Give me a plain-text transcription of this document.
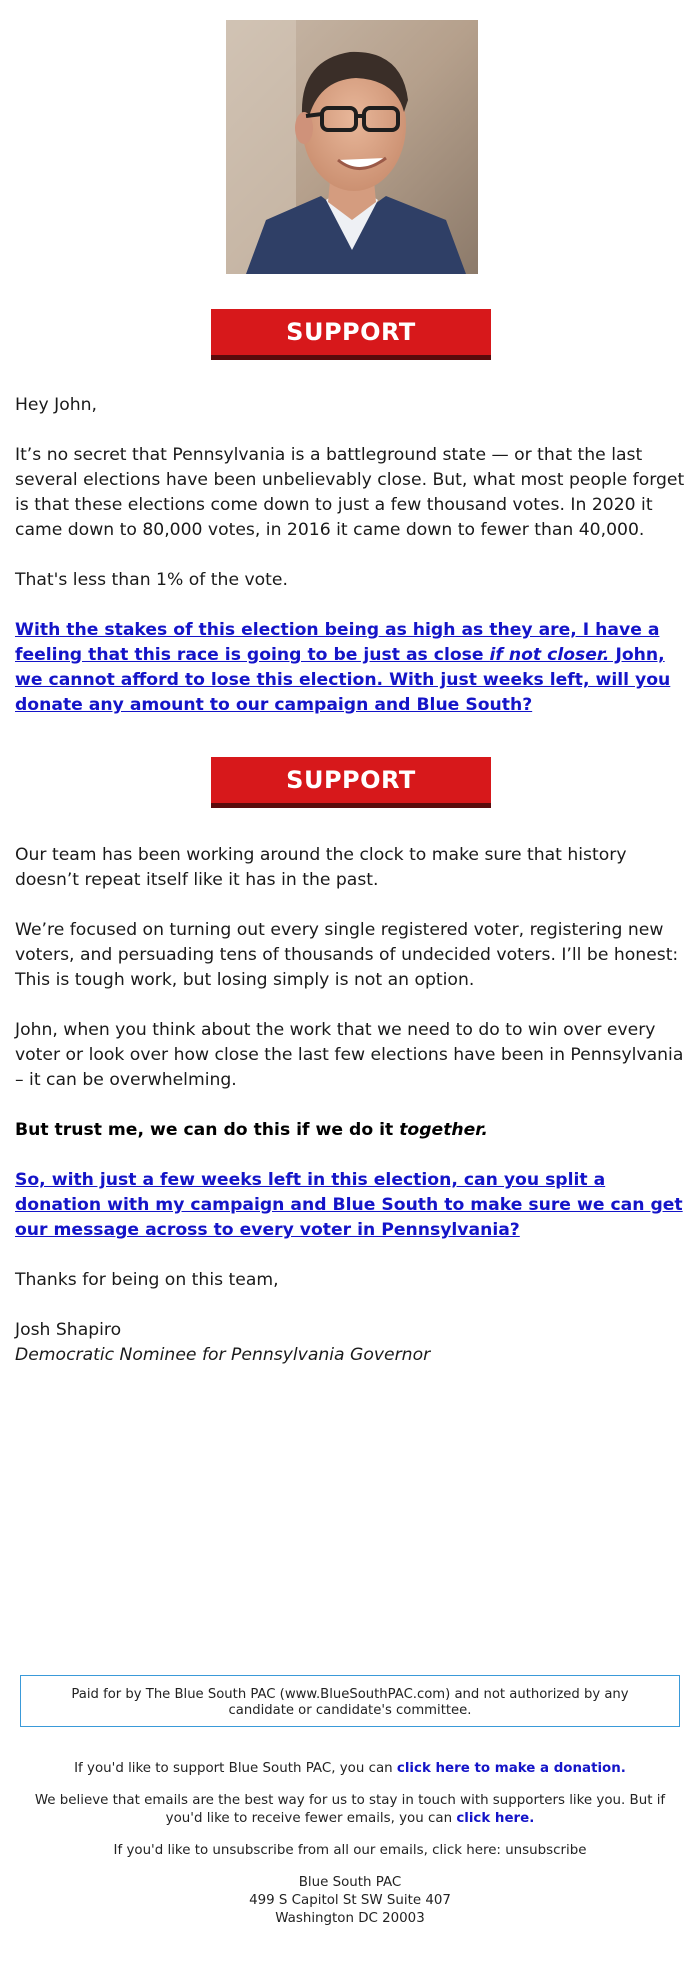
SUPPORT

Hey John,

It’s no secret that Pennsylvania is a battleground state — or that the last several elections have been unbelievably close. But, what most people forget is that these elections come down to just a few thousand votes. In 2020 it came down to 80,000 votes, in 2016 it came down to fewer than 40,000.

That's less than 1% of the vote.

With the stakes of this election being as high as they are, I have a feeling that this race is going to be just as close if not closer. John, we cannot afford to lose this election. With just weeks left, will you donate any amount to our campaign and Blue South?

SUPPORT

Our team has been working around the clock to make sure that history doesn’t repeat itself like it has in the past.

We’re focused on turning out every single registered voter, registering new voters, and persuading tens of thousands of undecided voters. I’ll be honest: This is tough work, but losing simply is not an option.

John, when you think about the work that we need to do to win over every voter or look over how close the last few elections have been in Pennsylvania – it can be overwhelming.

But trust me, we can do this if we do it together.

So, with just a few weeks left in this election, can you split a donation with my campaign and Blue South to make sure we can get our message across to every voter in Pennsylvania?

Thanks for being on this team,

Josh Shapiro

Democratic Nominee for Pennsylvania Governor

Paid for by The Blue South PAC (www.BlueSouthPAC.com) and not authorized by any candidate or candidate's committee.

If you'd like to support Blue South PAC, you can click here to make a donation.

We believe that emails are the best way for us to stay in touch with supporters like you. But if you'd like to receive fewer emails, you can click here.

If you'd like to unsubscribe from all our emails, click here: unsubscribe

Blue South PAC

499 S Capitol St SW Suite 407

Washington DC 20003
